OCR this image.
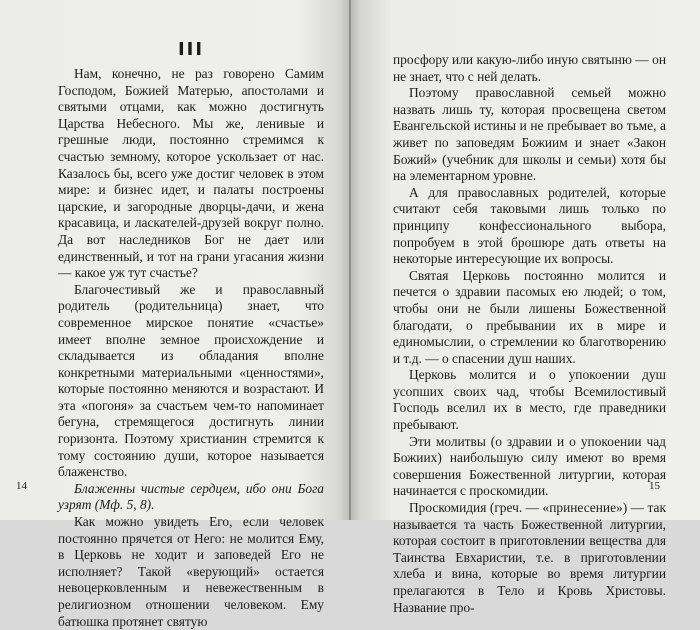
III

Нам, конечно, не раз говорено Самим Господом, Божией Матерью, апостолами и святыми отцами, как можно достигнуть Царства Небесного. Мы же, ленивые и грешные люди, постоянно стремимся к счастью земному, которое ускользает от нас. Казалось бы, всего уже достиг человек в этом мире: и бизнес идет, и палаты построены царские, и загородные дворцы-дачи, и жена красавица, и ласкателей-друзей вокруг полно. Да вот наследников Бог не дает или единственный, и тот на грани угасания жизни — какое уж тут счастье?

Благочестивый же и православный родитель (родительница) знает, что современное мирское понятие «счастье» имеет вполне земное происхождение и складывается из обладания вполне конкретными материальными «ценностями», которые постоянно меняются и возрастают. И эта «погоня» за счастьем чем-то напоминает бегуна, стремящегося достигнуть линии горизонта. Поэтому христианин стремится к тому состоянию души, которое называется блаженство.

Блаженны чистые сердцем, ибо они Бога узрят (Мф. 5, 8).

Как можно увидеть Его, если человек постоянно прячется от Него: не молится Ему, в Церковь не ходит и заповедей Его не исполняет? Такой «верующий» остается невоцерковленным и невежественным в религиозном отношении человеком. Ему батюшка протянет святую

14

просфору или какую-либо иную святыню — он не знает, что с ней делать.

Поэтому православной семьей можно назвать лишь ту, которая просвещена светом Евангельской истины и не пребывает во тьме, а живет по заповедям Божиим и знает «Закон Божий» (учебник для школы и семьи) хотя бы на элементарном уровне.

А для православных родителей, которые считают себя таковыми лишь только по принципу конфессионального выбора, попробуем в этой брошюре дать ответы на некоторые интересующие их вопросы.

Святая Церковь постоянно молится и печется о здравии пасомых ею людей; о том, чтобы они не были лишены Божественной благодати, о пребывании их в мире и единомыслии, о стремлении ко благотворению и т.д. — о спасении душ наших.

Церковь молится и о упокоении душ усопших своих чад, чтобы Всемилостивый Господь вселил их в место, где праведники пребывают.

Эти молитвы (о здравии и о упокоении чад Божиих) наибольшую силу имеют во время совершения Божественной литургии, которая начинается с проскомидии.

Проскомидия (греч. — «принесение») — так называется та часть Божественной литургии, которая состоит в приготовлении вещества для Таинства Евхаристии, т.е. в приготовлении хлеба и вина, которые во время литургии прелагаются в Тело и Кровь Христовы. Название про-

15
